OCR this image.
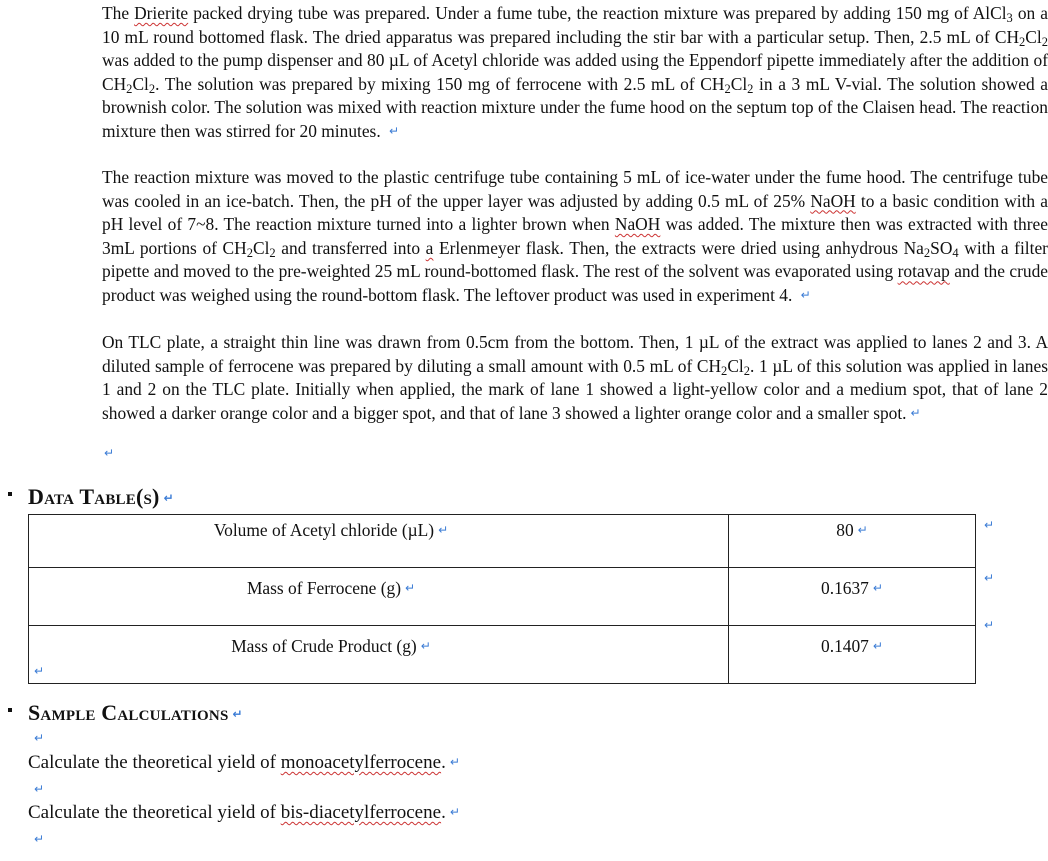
The Drierite packed drying tube was prepared. Under a fume tube, the reaction mixture was prepared by adding 150 mg of AlCl$_3$ on a 10 mL round bottomed flask. The dried apparatus was prepared including the stir bar with a particular setup. Then, 2.5 mL of $CH_2Cl_2$ was added to the pump dispenser and 80 µL of Acetyl chloride was added using the Eppendorf pipette immediately after the addition of $CH_2Cl_2$. The solution was prepared by mixing 150 mg of ferrocene with 2.5 mL of $CH_2Cl_2$ in a 3 mL V-vial. The solution showed a brownish color. The solution was mixed with reaction mixture under the fume hood on the septum top of the Claisen head. The reaction mixture then was stirred for 20 minutes. ↵

The reaction mixture was moved to the plastic centrifuge tube containing 5 mL of ice-water under the fume hood. The centrifuge tube was cooled in an ice-batch. Then, the pH of the upper layer was adjusted by adding 0.5 mL of 25% NaOH to a basic condition with a pH level of 7~8. The reaction mixture turned into a lighter brown when NaOH was added. The mixture then was extracted with three 3mL portions of $CH_2Cl_2$ and transferred into a Erlenmeyer flask. Then, the extracts were dried using anhydrous $Na_2SO_4$ with a filter pipette and moved to the pre-weighted 25 mL round-bottomed flask. The rest of the solvent was evaporated using rotavap and the crude product was weighed using the round-bottom flask. The leftover product was used in experiment 4. ↵

On TLC plate, a straight thin line was drawn from 0.5cm from the bottom. Then, 1 µL of the extract was applied to lanes 2 and 3. A diluted sample of ferrocene was prepared by diluting a small amount with 0.5 mL of $CH_2Cl_2$. 1 µL of this solution was applied in lanes 1 and 2 on the TLC plate. Initially when applied, the mark of lane 1 showed a light-yellow color and a medium spot, that of lane 2 showed a darker orange color and a bigger spot, and that of lane 3 showed a lighter orange color and a smaller spot. ↵

↵
Data Table(s) ↵
Volume of Acetyl chloride (µL) ↵	80 ↵
Mass of Ferrocene (g) ↵	0.1637 ↵
Mass of Crude Product (g) ↵	0.1407 ↵
↵
↵
↵
↵
Sample Calculations ↵
↵
Calculate the theoretical yield of monoacetylferrocene. ↵
↵
Calculate the theoretical yield of bis-diacetylferrocene. ↵
↵
